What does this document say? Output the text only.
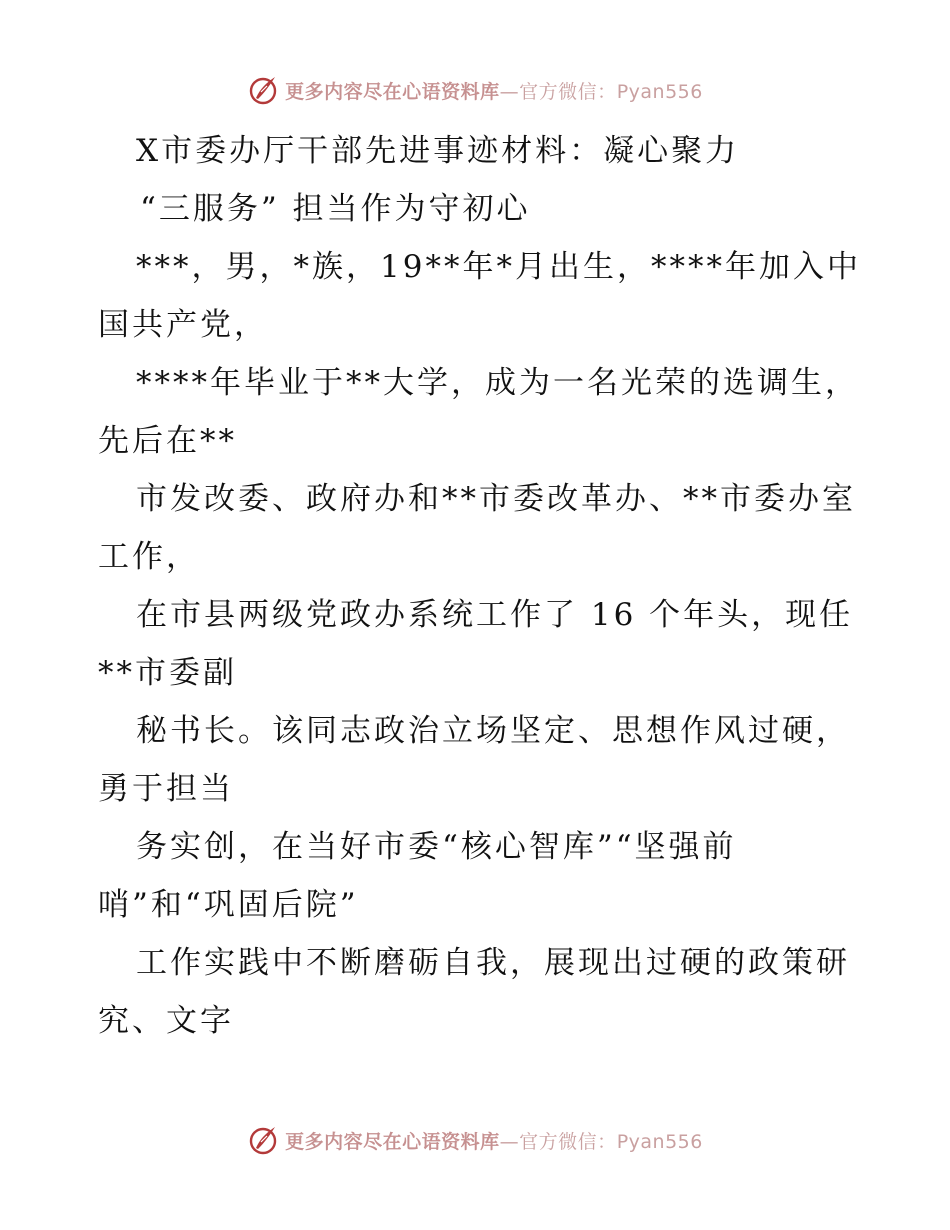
更多内容尽在心语资料库—官方微信：Pyan556
X市委办厅干部先进事迹材料：凝心聚力
“三服务” 担当作为守初心
***，男，*族，19**年*月出生，****年加入中
国共产党，
****年毕业于**大学，成为一名光荣的选调生，
先后在**
市发改委、政府办和**市委改革办、**市委办室
工作，
在市县两级党政办系统工作了 16 个年头，现任
**市委副
秘书长。该同志政治立场坚定、思想作风过硬，
勇于担当
务实创，在当好市委“核心智库”“坚强前
哨”和“巩固后院”
工作实践中不断磨砺自我，展现出过硬的政策研
究、文字
更多内容尽在心语资料库—官方微信：Pyan556
